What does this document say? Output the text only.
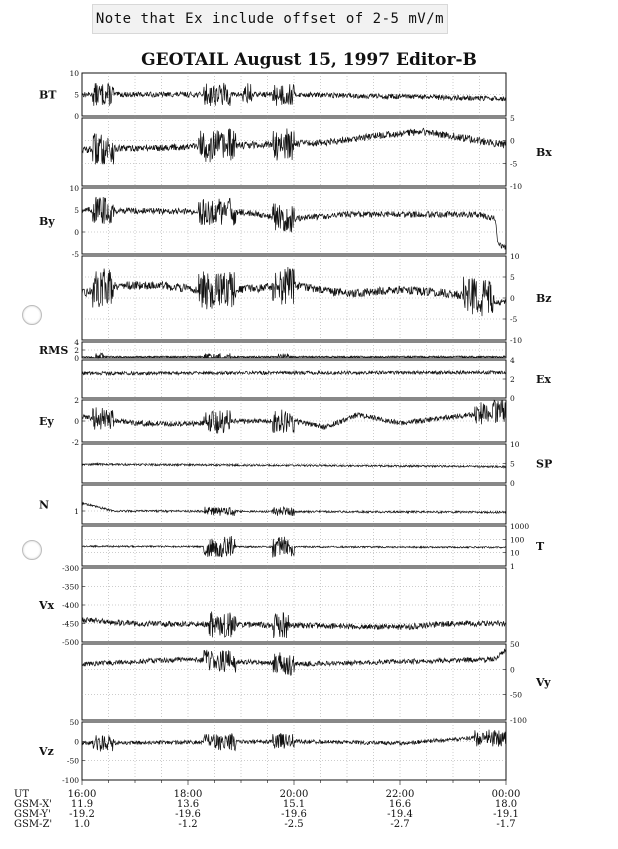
Note that Ex include offset of 2-5 mV/m
GEOTAIL August 15, 1997 Editor-B
0
5
10
BT
-10
-5
0
5
Bx
-5
0
5
10
By
-10
-5
0
5
10
Bz
0
2
4
RMS
0
2
4
Ex
-2
0
2
Ey
0
5
10
SP
1
N
1
10
100
1000
T
-500
-450
-400
-350
-300
Vx
-100
-50
0
50
Vy
-100
-50
0
50
Vz
UT	16:00	18:00	20:00	22:00	00:00
GSM-X'	11.9	13.6	15.1	16.6	18.0
GSM-Y'	-19.2	-19.6	-19.6	-19.4	-19.1
GSM-Z'	1.0	-1.2	-2.5	-2.7	-1.7
